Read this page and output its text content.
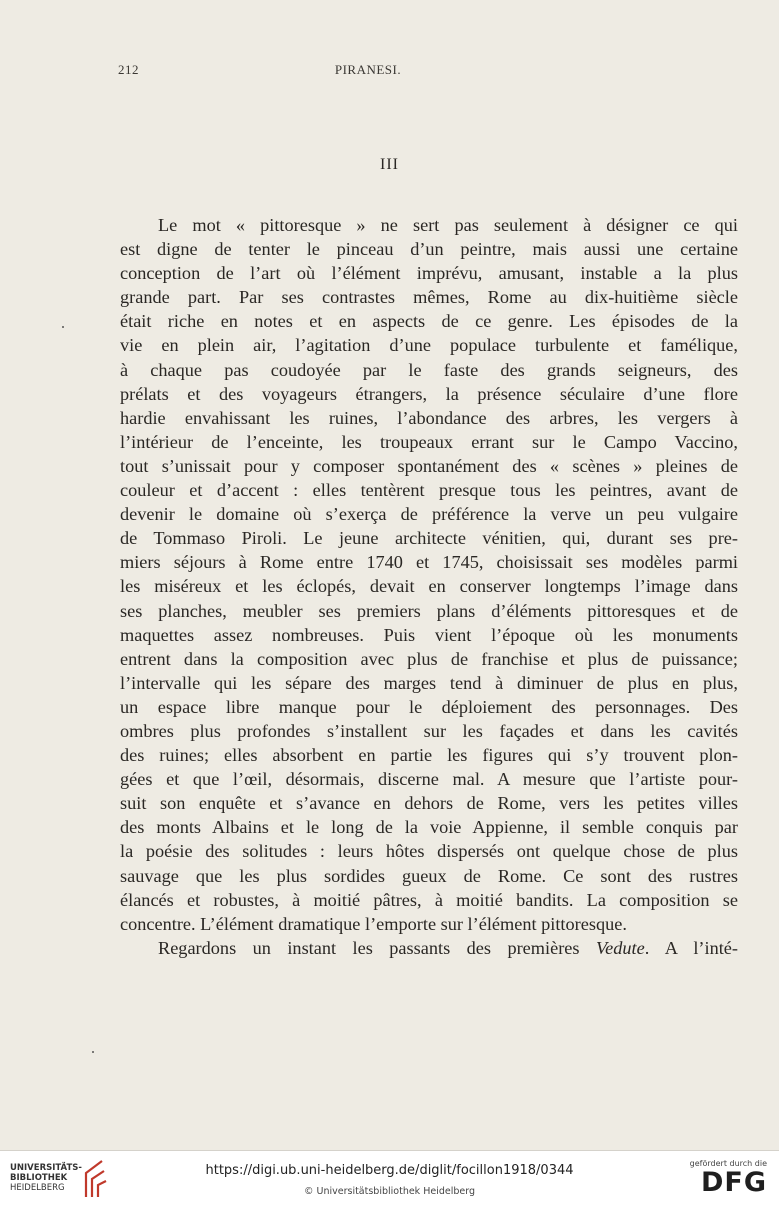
212	PIRANESI.
III
Le mot « pittoresque » ne sert pas seulement à désigner ce qui
est digne de tenter le pinceau d’un peintre, mais aussi une certaine
conception de l’art où l’élément imprévu, amusant, instable a la plus
grande part. Par ses contrastes mêmes, Rome au dix-huitième siècle
était riche en notes et en aspects de ce genre. Les épisodes de la
vie en plein air, l’agitation d’une populace turbulente et famélique,
à chaque pas coudoyée par le faste des grands seigneurs, des
prélats et des voyageurs étrangers, la présence séculaire d’une flore
hardie envahissant les ruines, l’abondance des arbres, les vergers à
l’intérieur de l’enceinte, les troupeaux errant sur le Campo Vaccino,
tout s’unissait pour y composer spontanément des « scènes » pleines de
couleur et d’accent : elles tentèrent presque tous les peintres, avant de
devenir le domaine où s’exerça de préférence la verve un peu vulgaire
de Tommaso Piroli. Le jeune architecte vénitien, qui, durant ses pre-
miers séjours à Rome entre 1740 et 1745, choisissait ses modèles parmi
les miséreux et les éclopés, devait en conserver longtemps l’image dans
ses planches, meubler ses premiers plans d’éléments pittoresques et de
maquettes assez nombreuses. Puis vient l’époque où les monuments
entrent dans la composition avec plus de franchise et plus de puissance;
l’intervalle qui les sépare des marges tend à diminuer de plus en plus,
un espace libre manque pour le déploiement des personnages. Des
ombres plus profondes s’installent sur les façades et dans les cavités
des ruines; elles absorbent en partie les figures qui s’y trouvent plon-
gées et que l’œil, désormais, discerne mal. A mesure que l’artiste pour-
suit son enquête et s’avance en dehors de Rome, vers les petites villes
des monts Albains et le long de la voie Appienne, il semble conquis par
la poésie des solitudes : leurs hôtes dispersés ont quelque chose de plus
sauvage que les plus sordides gueux de Rome. Ce sont des rustres
élancés et robustes, à moitié pâtres, à moitié bandits. La composition se
concentre. L’élément dramatique l’emporte sur l’élément pittoresque.
Regardons un instant les passants des premières Vedute. A l’inté-
UNIVERSITÄTS-
BIBLIOTHEK
HEIDELBERG
https://digi.ub.uni-heidelberg.de/diglit/focillon1918/0344
© Universitätsbibliothek Heidelberg
gefördert durch die
DFG
